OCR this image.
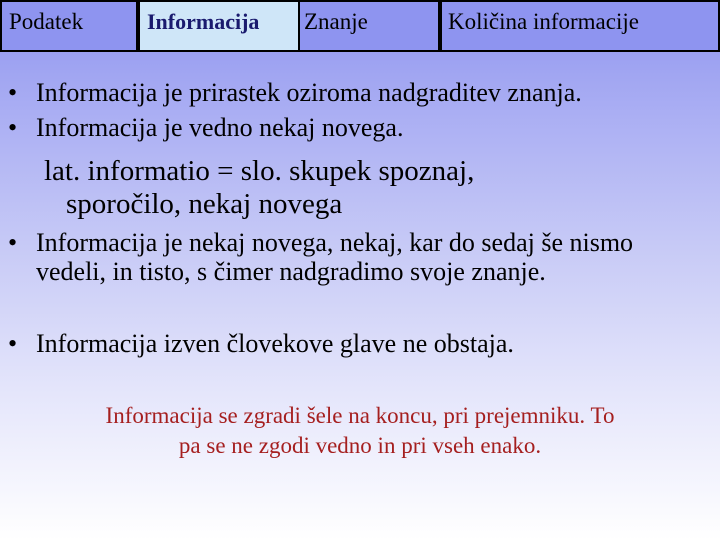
Podatek	Informacija	Znanje	Količina informacije
• Informacija je prirastek oziroma nadgraditev znanja.
• Informacija je vedno nekaj novega.
lat. informatio = slo. skupek spoznaj,
sporočilo, nekaj novega
• Informacija je nekaj novega, nekaj, kar do sedaj še nismo vedeli, in tisto, s čimer nadgradimo svoje znanje.
• Informacija izven človekove glave ne obstaja.
Informacija se zgradi šele na koncu, pri prejemniku. To
pa se ne zgodi vedno in pri vseh enako.
